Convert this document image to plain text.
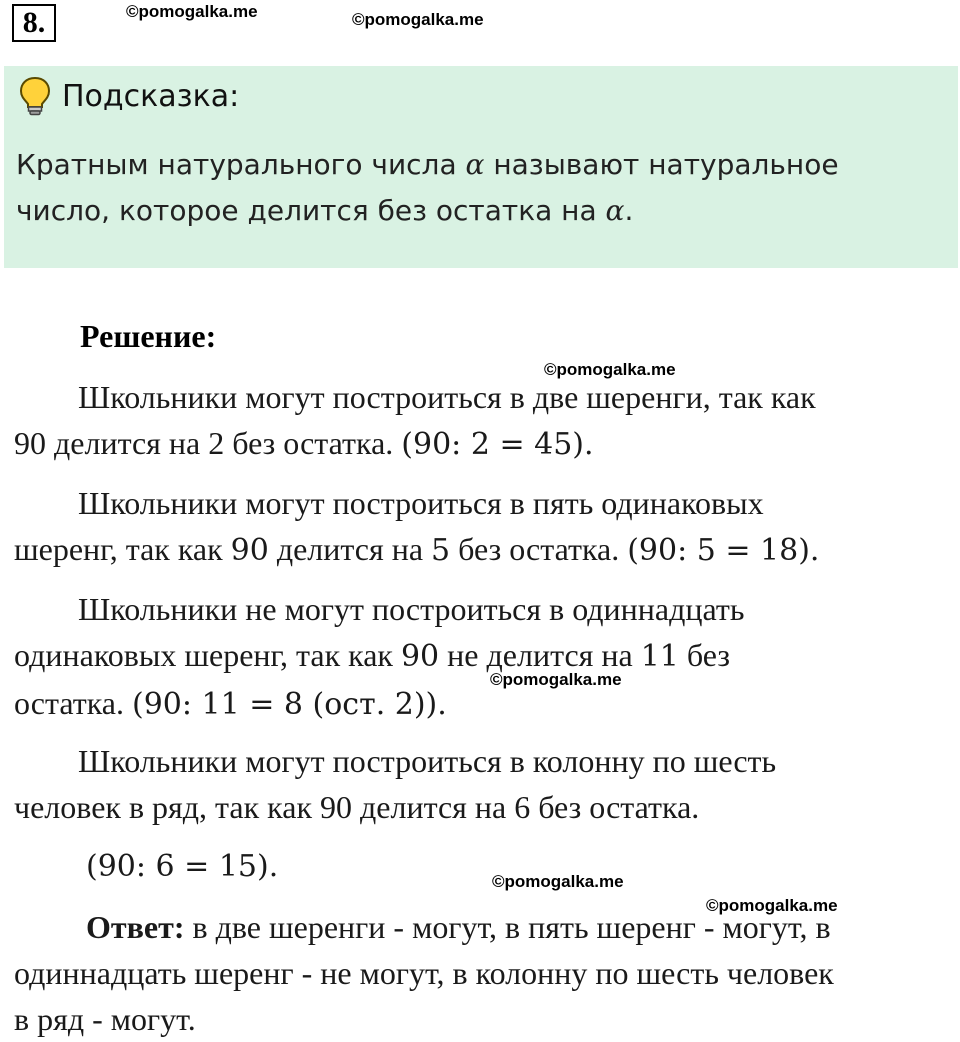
8.	©pomogalka.me	©pomogalka.me
Подсказка:
Кратным натурального числа α называют натуральное
число, которое делится без остатка на α.
Решение:
©pomogalka.me
Школьники могут построиться в две шеренги, так как
90 делится на 2 без остатка. (90: 2 = 45).
Школьники могут построиться в пять одинаковых
шеренг, так как 90 делится на 5 без остатка. (90: 5 = 18).
Школьники не могут построиться в одиннадцать
одинаковых шеренг, так как 90 не делится на 11 без
остатка. (90: 11 = 8 (ост. 2)).
©pomogalka.me
Школьники могут построиться в колонну по шесть
человек в ряд, так как 90 делится на 6 без остатка.
(90: 6 = 15).	©pomogalka.me
©pomogalka.me
Ответ: в две шеренги - могут, в пять шеренг - могут, в
одиннадцать шеренг - не могут, в колонну по шесть человек
в ряд - могут.
